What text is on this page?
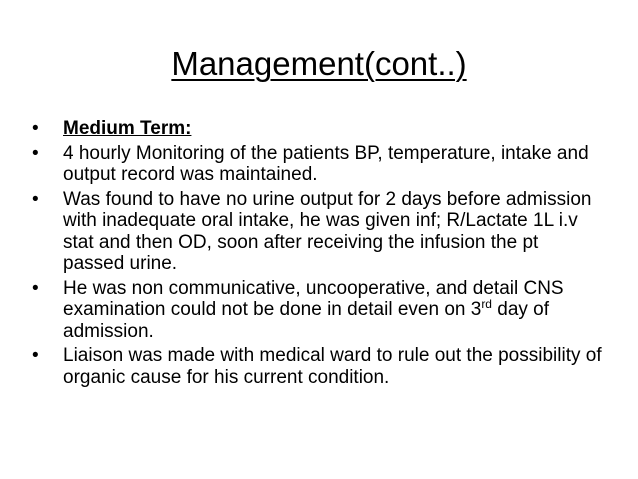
Management(cont..)
•	Medium Term:
•	4 hourly Monitoring of the patients BP, temperature, intake and output record was maintained.
•	Was found to have no urine output for 2 days before admission with inadequate oral intake, he was given inf; R/Lactate 1L i.v stat and then OD, soon after receiving the infusion the pt passed urine.
•	He was non communicative, uncooperative, and detail CNS examination could not be done in detail even on 3rd day of admission.
•	Liaison was made with medical ward to rule out the possibility of organic cause for his current condition.
